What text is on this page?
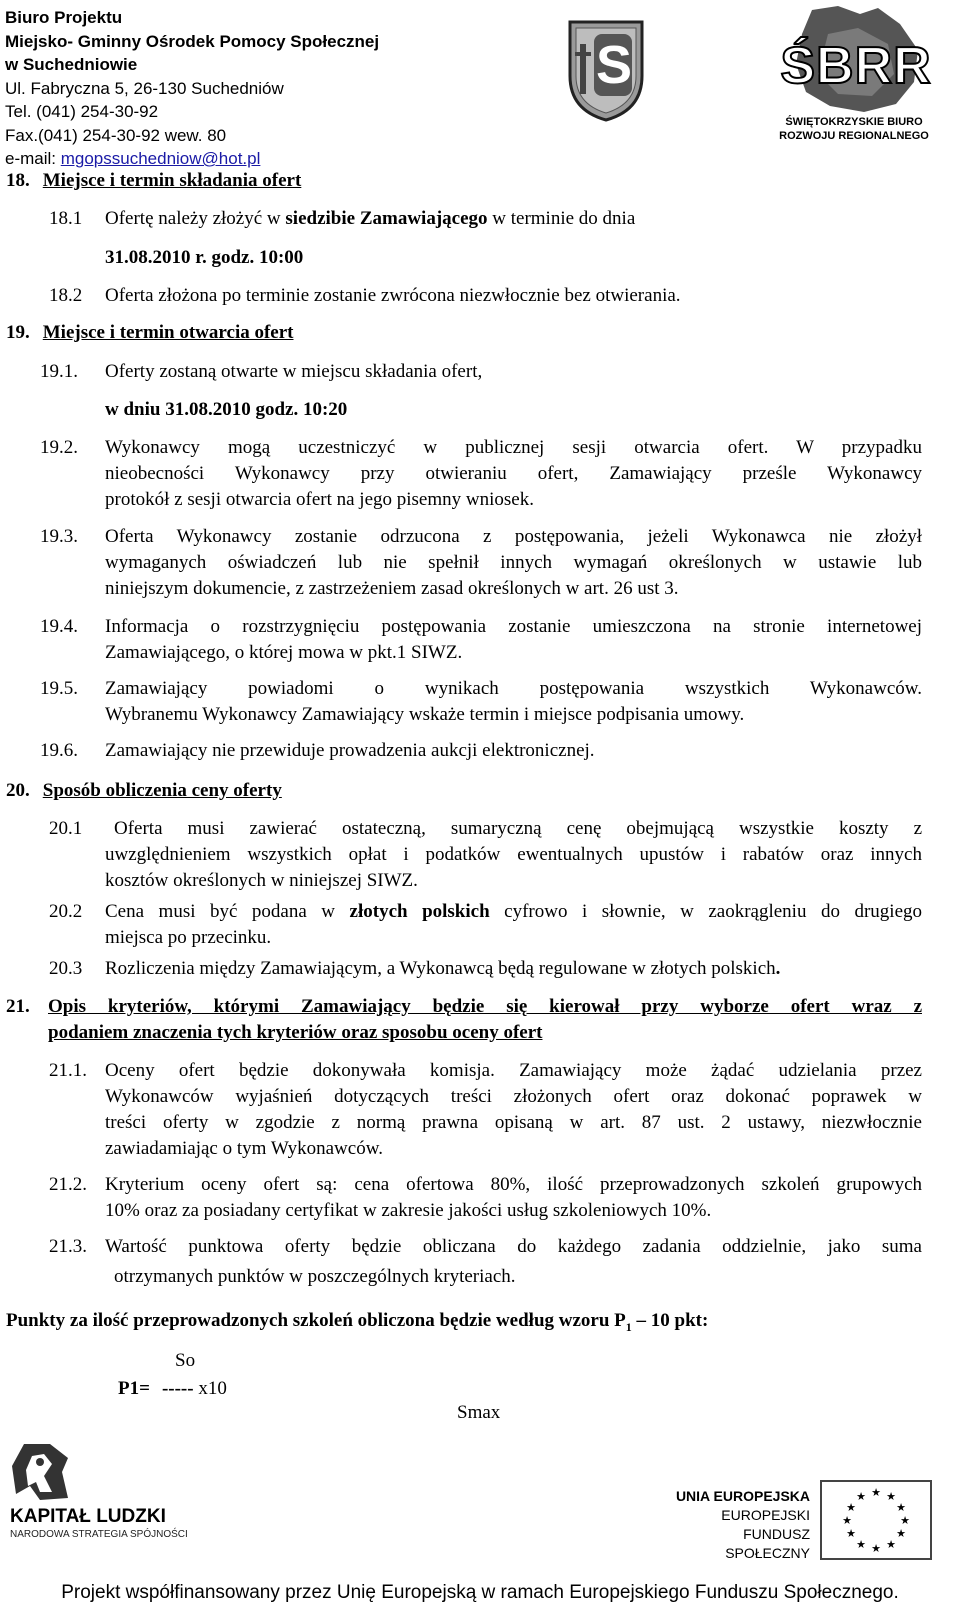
Biuro Projektu
Miejsko- Gminny Ośrodek Pomocy Społecznej
w Suchedniowie
Ul. Fabryczna 5, 26-130 Suchedniów
Tel. (041) 254-30-92
Fax.(041) 254-30-92 wew. 80
e-mail: mgopssuchedniow@hot.pl
S	ŚBRR
ŚWIĘTOKRZYSKIE BIURO
ROZWOJU REGIONALNEGO
18. Miejsce i termin składania ofert
18.1 Ofertę należy złożyć w siedzibie Zamawiającego w terminie do dnia
31.08.2010 r. godz. 10:00
18.2 Oferta złożona po terminie zostanie zwrócona niezwłocznie bez otwierania.
19. Miejsce i termin otwarcia ofert
19.1. Oferty zostaną otwarte w miejscu składania ofert,
w dniu 31.08.2010 godz. 10:20
19.2. Wykonawcy mogą uczestniczyć w publicznej sesji otwarcia ofert. W przypadku
nieobecności Wykonawcy przy otwieraniu ofert, Zamawiający prześle Wykonawcy
protokół z sesji otwarcia ofert na jego pisemny wniosek.
19.3. Oferta Wykonawcy zostanie odrzucona z postępowania, jeżeli Wykonawca nie złożył
wymaganych oświadczeń lub nie spełnił innych wymagań określonych w ustawie lub
niniejszym dokumencie, z zastrzeżeniem zasad określonych w art. 26 ust 3.
19.4. Informacja o rozstrzygnięciu postępowania zostanie umieszczona na stronie internetowej
Zamawiającego, o której mowa w pkt.1 SIWZ.
19.5. Zamawiający powiadomi o wynikach postępowania wszystkich Wykonawców.
Wybranemu Wykonawcy Zamawiający wskaże termin i miejsce podpisania umowy.
19.6. Zamawiający nie przewiduje prowadzenia aukcji elektronicznej.
20. Sposób obliczenia ceny oferty
20.1 Oferta musi zawierać ostateczną, sumaryczną cenę obejmującą wszystkie koszty z
uwzględnieniem wszystkich opłat i podatków ewentualnych upustów i rabatów oraz innych
kosztów określonych w niniejszej SIWZ.
20.2 Cena musi być podana w złotych polskich cyfrowo i słownie, w zaokrągleniu do drugiego
miejsca po przecinku.
20.3 Rozliczenia między Zamawiającym, a Wykonawcą będą regulowane w złotych polskich.
21. Opis kryteriów, którymi Zamawiający będzie się kierował przy wyborze ofert wraz z
podaniem znaczenia tych kryteriów oraz sposobu oceny ofert
21.1. Oceny ofert będzie dokonywała komisja. Zamawiający może żądać udzielania przez
Wykonawców wyjaśnień dotyczących treści złożonych ofert oraz dokonać poprawek w
treści oferty w zgodzie z normą prawna opisaną w art. 87 ust. 2 ustawy, niezwłocznie
zawiadamiając o tym Wykonawców.
21.2. Kryterium oceny ofert są: cena ofertowa 80%, ilość przeprowadzonych szkoleń grupowych
10% oraz za posiadany certyfikat w zakresie jakości usług szkoleniowych 10%.
21.3. Wartość punktowa oferty będzie obliczana do każdego zadania oddzielnie, jako suma
otrzymanych punktów w poszczególnych kryteriach.
Punkty za ilość przeprowadzonych szkoleń obliczona będzie według wzoru $P_1 - 10$ pkt:
So
P1= ----- x10
Smax
KAPITAŁ LUDZKI
NARODOWA STRATEGIA SPÓJNOŚCI
UNIA EUROPEJSKA
EUROPEJSKI
FUNDUSZ SPOŁECZNY
★ ★
★
★
★
★
★
★
★
★
★
★
Projekt współfinansowany przez Unię Europejską w ramach Europejskiego Funduszu Społecznego.
